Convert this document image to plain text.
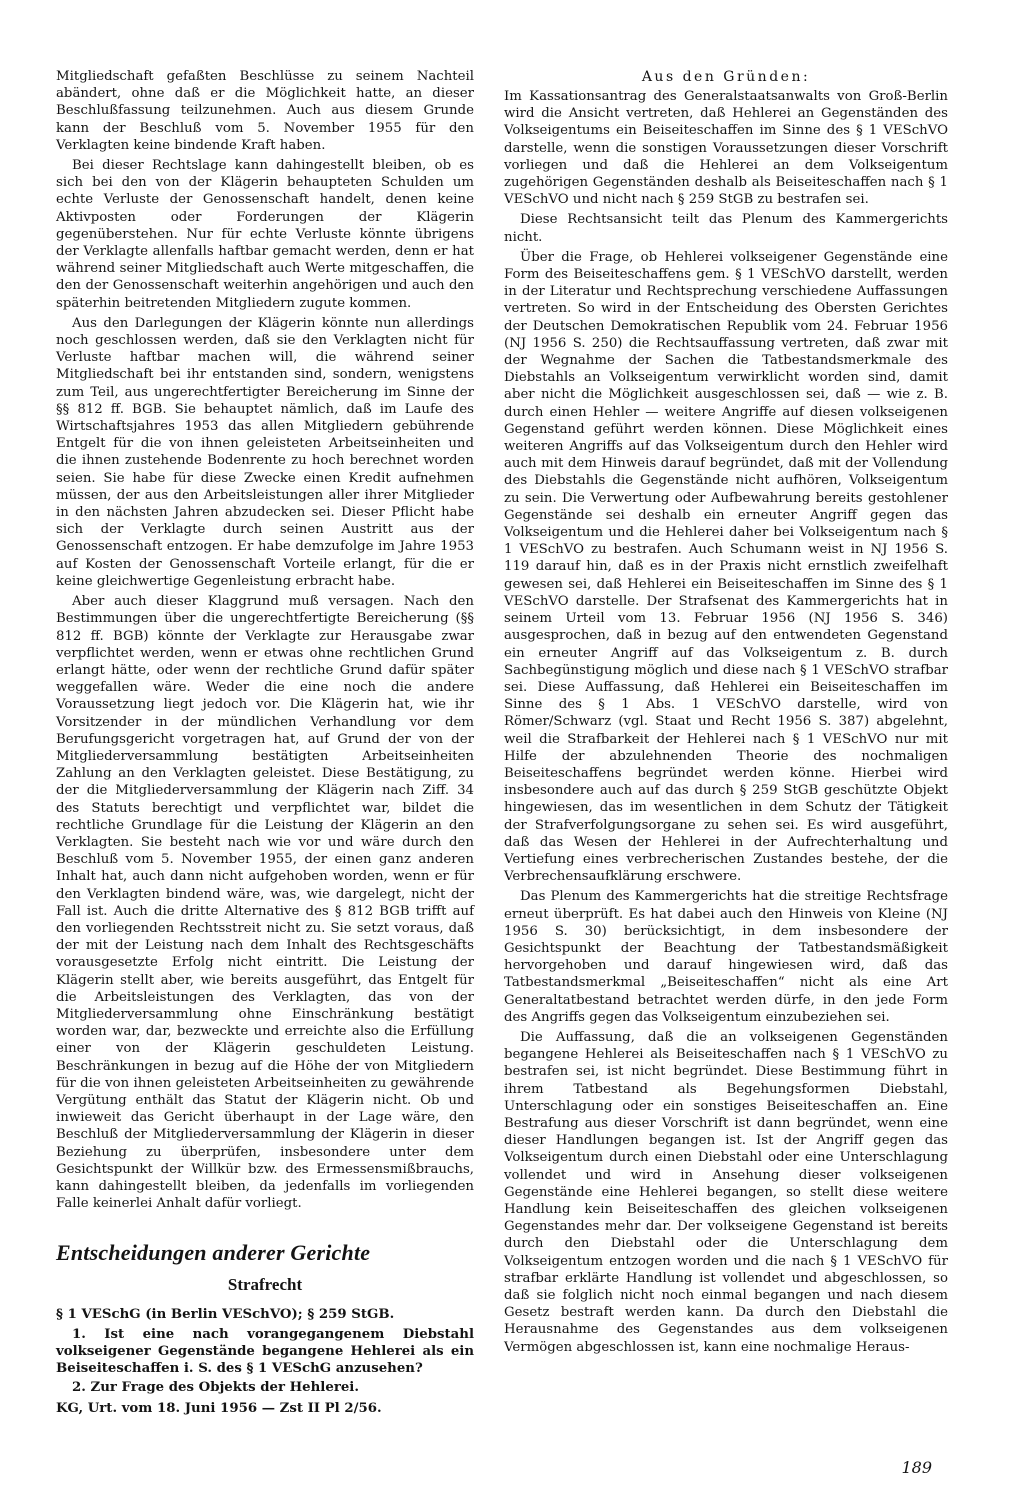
Mitgliedschaft gefaßten Beschlüsse zu seinem Nachteil abändert, ohne daß er die Möglichkeit hatte, an dieser Beschlußfassung teilzunehmen. Auch aus diesem Grunde kann der Beschluß vom 5. November 1955 für den Verklagten keine bindende Kraft haben.

Bei dieser Rechtslage kann dahingestellt bleiben, ob es sich bei den von der Klägerin behaupteten Schulden um echte Verluste der Genossenschaft handelt, denen keine Aktivposten oder Forderungen der Klägerin gegenüberstehen. Nur für echte Verluste könnte übrigens der Verklagte allenfalls haftbar gemacht werden, denn er hat während seiner Mitgliedschaft auch Werte mitgeschaffen, die den der Genossenschaft weiterhin angehörigen und auch den späterhin beitretenden Mitgliedern zugute kommen.

Aus den Darlegungen der Klägerin könnte nun allerdings noch geschlossen werden, daß sie den Verklagten nicht für Verluste haftbar machen will, die während seiner Mitgliedschaft bei ihr entstanden sind, sondern, wenigstens zum Teil, aus ungerechtfertigter Bereicherung im Sinne der §§ 812 ff. BGB. Sie behauptet nämlich, daß im Laufe des Wirtschaftsjahres 1953 das allen Mitgliedern gebührende Entgelt für die von ihnen geleisteten Arbeitseinheiten und die ihnen zustehende Bodenrente zu hoch berechnet worden seien. Sie habe für diese Zwecke einen Kredit aufnehmen müssen, der aus den Arbeitsleistungen aller ihrer Mitglieder in den nächsten Jahren abzudecken sei. Dieser Pflicht habe sich der Verklagte durch seinen Austritt aus der Genossenschaft entzogen. Er habe demzufolge im Jahre 1953 auf Kosten der Genossenschaft Vorteile erlangt, für die er keine gleichwertige Gegenleistung erbracht habe.

Aber auch dieser Klaggrund muß versagen. Nach den Bestimmungen über die ungerechtfertigte Bereicherung (§§ 812 ff. BGB) könnte der Verklagte zur Herausgabe zwar verpflichtet werden, wenn er etwas ohne rechtlichen Grund erlangt hätte, oder wenn der rechtliche Grund dafür später weggefallen wäre. Weder die eine noch die andere Voraussetzung liegt jedoch vor. Die Klägerin hat, wie ihr Vorsitzender in der mündlichen Verhandlung vor dem Berufungsgericht vorgetragen hat, auf Grund der von der Mitgliederversammlung bestätigten Arbeitseinheiten Zahlung an den Verklagten geleistet. Diese Bestätigung, zu der die Mitgliederversammlung der Klägerin nach Ziff. 34 des Statuts berechtigt und verpflichtet war, bildet die rechtliche Grundlage für die Leistung der Klägerin an den Verklagten. Sie besteht nach wie vor und wäre durch den Beschluß vom 5. November 1955, der einen ganz anderen Inhalt hat, auch dann nicht aufgehoben worden, wenn er für den Verklagten bindend wäre, was, wie dargelegt, nicht der Fall ist. Auch die dritte Alternative des § 812 BGB trifft auf den vorliegenden Rechtsstreit nicht zu. Sie setzt voraus, daß der mit der Leistung nach dem Inhalt des Rechtsgeschäfts vorausgesetzte Erfolg nicht eintritt. Die Leistung der Klägerin stellt aber, wie bereits ausgeführt, das Entgelt für die Arbeitsleistungen des Verklagten, das von der Mitgliederversammlung ohne Einschränkung bestätigt worden war, dar, bezweckte und erreichte also die Erfüllung einer von der Klägerin geschuldeten Leistung. Beschränkungen in bezug auf die Höhe der von Mitgliedern für die von ihnen geleisteten Arbeitseinheiten zu gewährende Vergütung enthält das Statut der Klägerin nicht. Ob und inwieweit das Gericht überhaupt in der Lage wäre, den Beschluß der Mitgliederversammlung der Klägerin in dieser Beziehung zu überprüfen, insbesondere unter dem Gesichtspunkt der Willkür bzw. des Ermessensmißbrauchs, kann dahingestellt bleiben, da jedenfalls im vorliegenden Falle keinerlei Anhalt dafür vorliegt.

Entscheidungen anderer Gerichte
Strafrecht
§ 1 VESchG (in Berlin VESchVO); § 259 StGB.
1. Ist eine nach vorangegangenem Diebstahl volkseigener Gegenstände begangene Hehlerei als ein Beiseiteschaffen i. S. des § 1 VESchG anzusehen?
2. Zur Frage des Objekts der Hehlerei.
KG, Urt. vom 18. Juni 1956 — Zst II Pl 2/56.
Aus den Gründen:

Im Kassationsantrag des Generalstaatsanwalts von Groß-Berlin wird die Ansicht vertreten, daß Hehlerei an Gegenständen des Volkseigentums ein Beiseiteschaffen im Sinne des § 1 VESchVO darstelle, wenn die sonstigen Voraussetzungen dieser Vorschrift vorliegen und daß die Hehlerei an dem Volkseigentum zugehörigen Gegenständen deshalb als Beiseiteschaffen nach § 1 VESchVO und nicht nach § 259 StGB zu bestrafen sei.

Diese Rechtsansicht teilt das Plenum des Kammergerichts nicht.

Über die Frage, ob Hehlerei volkseigener Gegenstände eine Form des Beiseiteschaffens gem. § 1 VESchVO darstellt, werden in der Literatur und Rechtsprechung verschiedene Auffassungen vertreten. So wird in der Entscheidung des Obersten Gerichtes der Deutschen Demokratischen Republik vom 24. Februar 1956 (NJ 1956 S. 250) die Rechtsauffassung vertreten, daß zwar mit der Wegnahme der Sachen die Tatbestandsmerkmale des Diebstahls an Volkseigentum verwirklicht worden sind, damit aber nicht die Möglichkeit ausgeschlossen sei, daß — wie z. B. durch einen Hehler — weitere Angriffe auf diesen volkseigenen Gegenstand geführt werden können. Diese Möglichkeit eines weiteren Angriffs auf das Volkseigentum durch den Hehler wird auch mit dem Hinweis darauf begründet, daß mit der Vollendung des Diebstahls die Gegenstände nicht aufhören, Volkseigentum zu sein. Die Verwertung oder Aufbewahrung bereits gestohlener Gegenstände sei deshalb ein erneuter Angriff gegen das Volkseigentum und die Hehlerei daher bei Volkseigentum nach § 1 VESchVO zu bestrafen. Auch Schumann weist in NJ 1956 S. 119 darauf hin, daß es in der Praxis nicht ernstlich zweifelhaft gewesen sei, daß Hehlerei ein Beiseiteschaffen im Sinne des § 1 VESchVO darstelle. Der Strafsenat des Kammergerichts hat in seinem Urteil vom 13. Februar 1956 (NJ 1956 S. 346) ausgesprochen, daß in bezug auf den entwendeten Gegenstand ein erneuter Angriff auf das Volkseigentum z. B. durch Sachbegünstigung möglich und diese nach § 1 VESchVO strafbar sei. Diese Auffassung, daß Hehlerei ein Beiseiteschaffen im Sinne des § 1 Abs. 1 VESchVO darstelle, wird von Römer/Schwarz (vgl. Staat und Recht 1956 S. 387) abgelehnt, weil die Strafbarkeit der Hehlerei nach § 1 VESchVO nur mit Hilfe der abzulehnenden Theorie des nochmaligen Beiseiteschaffens begründet werden könne. Hierbei wird insbesondere auch auf das durch § 259 StGB geschützte Objekt hingewiesen, das im wesentlichen in dem Schutz der Tätigkeit der Strafverfolgungsorgane zu sehen sei. Es wird ausgeführt, daß das Wesen der Hehlerei in der Aufrechterhaltung und Vertiefung eines verbrecherischen Zustandes bestehe, der die Verbrechensaufklärung erschwere.

Das Plenum des Kammergerichts hat die streitige Rechtsfrage erneut überprüft. Es hat dabei auch den Hinweis von Kleine (NJ 1956 S. 30) berücksichtigt, in dem insbesondere der Gesichtspunkt der Beachtung der Tatbestandsmäßigkeit hervorgehoben und darauf hingewiesen wird, daß das Tatbestandsmerkmal „Beiseiteschaffen“ nicht als eine Art Generaltatbestand betrachtet werden dürfe, in den jede Form des Angriffs gegen das Volkseigentum einzubeziehen sei.

Die Auffassung, daß die an volkseigenen Gegenständen begangene Hehlerei als Beiseiteschaffen nach § 1 VESchVO zu bestrafen sei, ist nicht begründet. Diese Bestimmung führt in ihrem Tatbestand als Begehungsformen Diebstahl, Unterschlagung oder ein sonstiges Beiseiteschaffen an. Eine Bestrafung aus dieser Vorschrift ist dann begründet, wenn eine dieser Handlungen begangen ist. Ist der Angriff gegen das Volkseigentum durch einen Diebstahl oder eine Unterschlagung vollendet und wird in Ansehung dieser volkseigenen Gegenstände eine Hehlerei begangen, so stellt diese weitere Handlung kein Beiseiteschaffen des gleichen volkseigenen Gegenstandes mehr dar. Der volkseigene Gegenstand ist bereits durch den Diebstahl oder die Unterschlagung dem Volkseigentum entzogen worden und die nach § 1 VESchVO für strafbar erklärte Handlung ist vollendet und abgeschlossen, so daß sie folglich nicht noch einmal begangen und nach diesem Gesetz bestraft werden kann. Da durch den Diebstahl die Herausnahme des Gegenstandes aus dem volkseigenen Vermögen abgeschlossen ist, kann eine nochmalige Heraus-

189
